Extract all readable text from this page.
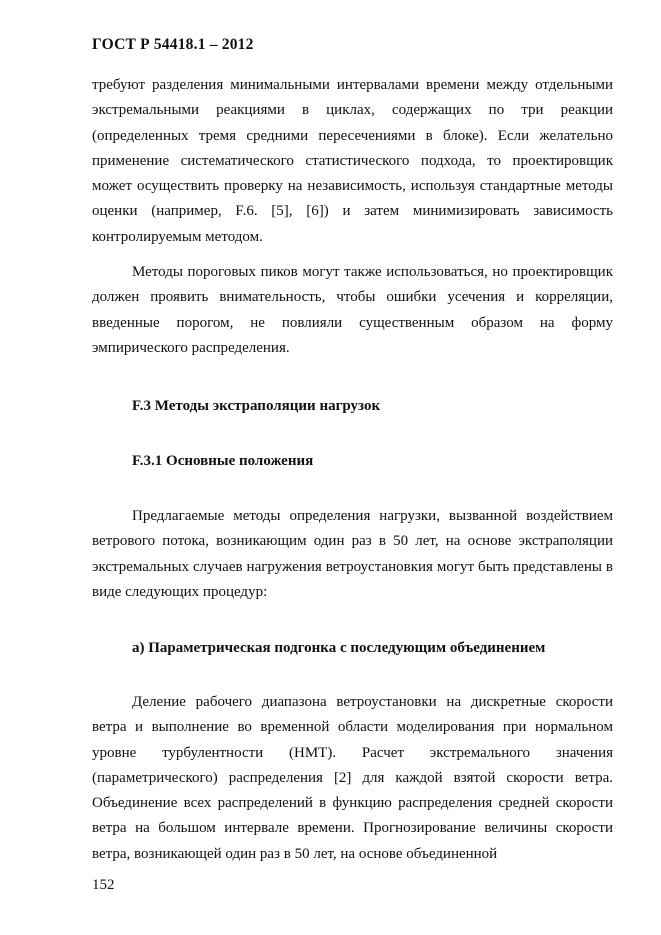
ГОСТ Р 54418.1 – 2012

требуют разделения минимальными интервалами времени между отдельными экстремальными реакциями в циклах, содержащих по три реакции (определенных тремя средними пересечениями в блоке). Если желательно применение систематического статистического подхода, то проектировщик может осуществить проверку на независимость, используя стандартные методы оценки (например, F.6. [5], [6]) и затем минимизировать зависимость контролируемым методом.

Методы пороговых пиков могут также использоваться, но проектировщик должен проявить внимательность, чтобы ошибки усечения и корреляции, введенные порогом, не повлияли существенным образом на форму эмпирического распределения.

F.3 Методы экстраполяции нагрузок
F.3.1 Основные положения

Предлагаемые методы определения нагрузки, вызванной воздействием ветрового потока, возникающим один раз в 50 лет, на основе экстраполяции экстремальных случаев нагружения ветроустановкия могут быть представлены в виде следующих процедур:

а) Параметрическая подгонка с последующим объединением

Деление рабочего диапазона ветроустановки на дискретные скорости ветра и выполнение во временной области моделирования при нормальном уровне турбулентности (НМТ). Расчет экстремального значения (параметрического) распределения [2] для каждой взятой скорости ветра. Объединение всех распределений в функцию распределения средней скорости ветра на большом интервале времени. Прогнозирование величины скорости ветра, возникающей один раз в 50 лет, на основе объединенной

152
